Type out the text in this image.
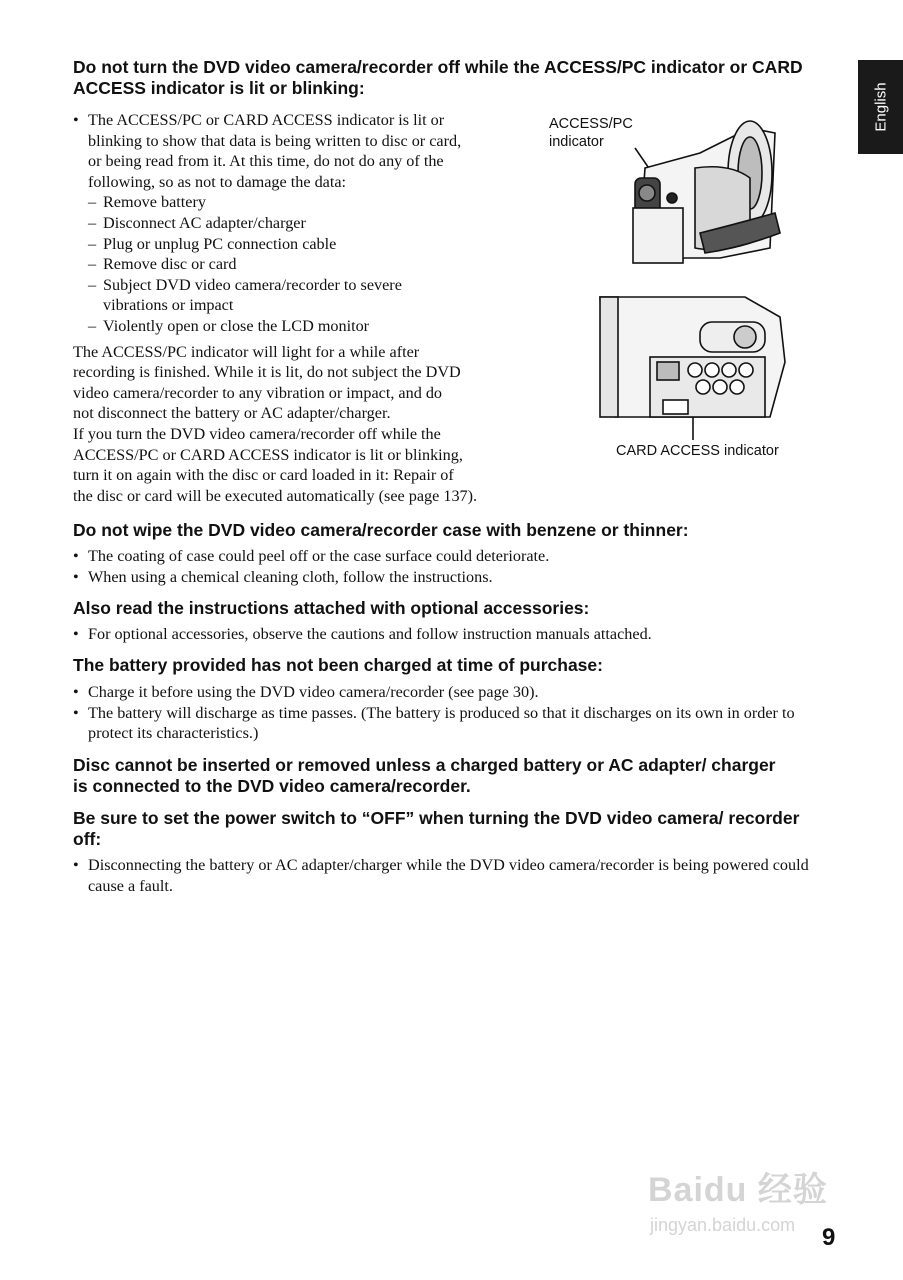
English
Do not turn the DVD video camera/recorder off while the ACCESS/PC indicator or CARD ACCESS indicator is lit or blinking:
• The ACCESS/PC or CARD ACCESS indicator is lit or
blinking to show that data is being written to disc or card,
or being read from it. At this time, do not do any of the
following, so as not to damage the data:
– Remove battery
– Disconnect AC adapter/charger
– Plug or unplug PC connection cable
– Remove disc or card
– Subject DVD video camera/recorder to severe
vibrations or impact
– Violently open or close the LCD monitor
The ACCESS/PC indicator will light for a while after
recording is finished. While it is lit, do not subject the DVD
video camera/recorder to any vibration or impact, and do
not disconnect the battery or AC adapter/charger.
If you turn the DVD video camera/recorder off while the
ACCESS/PC or CARD ACCESS indicator is lit or blinking,
turn it on again with the disc or card loaded in it: Repair of
the disc or card will be executed automatically (see page 137).
ACCESS/PC
indicator
CARD ACCESS indicator
Do not wipe the DVD video camera/recorder case with benzene or thinner:
• The coating of case could peel off or the case surface could deteriorate.
• When using a chemical cleaning cloth, follow the instructions.
Also read the instructions attached with optional accessories:
• For optional accessories, observe the cautions and follow instruction manuals attached.
The battery provided has not been charged at time of purchase:
• Charge it before using the DVD video camera/recorder (see page 30).
• The battery will discharge as time passes. (The battery is produced so that it discharges on its own in order to protect its characteristics.)
Disc cannot be inserted or removed unless a charged battery or AC adapter/ charger is connected to the DVD video camera/recorder.
Be sure to set the power switch to “OFF” when turning the DVD video camera/ recorder off:
• Disconnecting the battery or AC adapter/charger while the DVD video camera/recorder is being powered could cause a fault.
Baidu 经验
jingyan.baidu.com 9
